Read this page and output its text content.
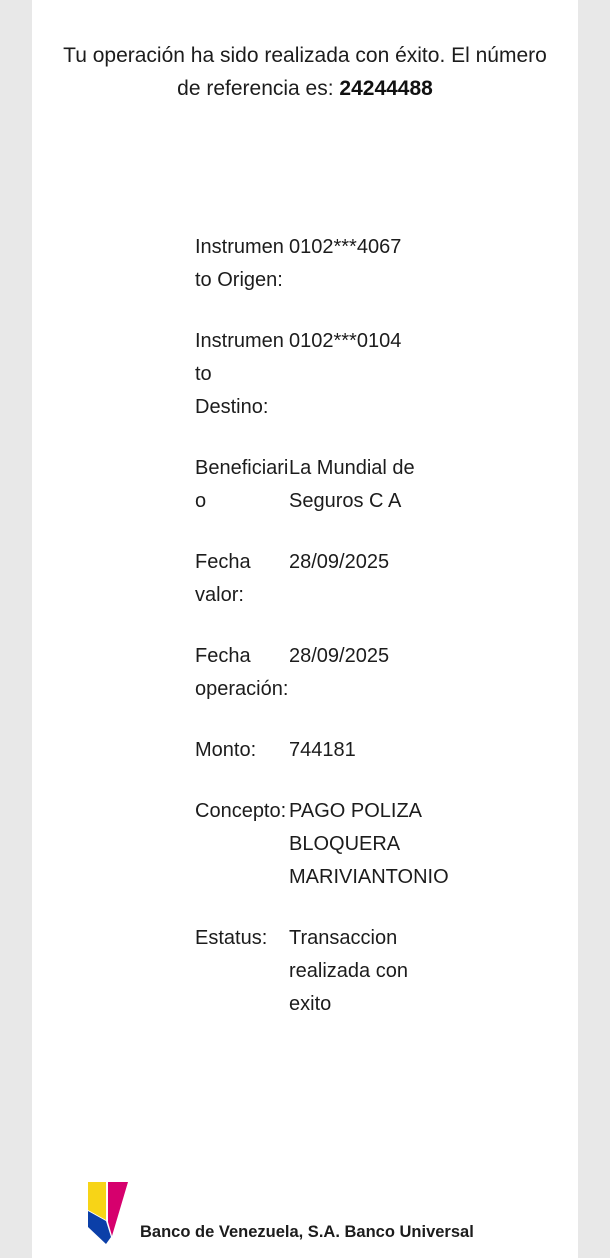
Tu operación ha sido realizada con éxito. El número de referencia es: 24244488

Instrumento Origen:
0102***4067
Instrumento Destino:
0102***0104
Beneficiario
La Mundial de Seguros C A
Fecha valor:
28/09/2025
Fecha operación:
28/09/2025
Monto:	744181
Concepto: PAGO POLIZA BLOQUERA MARIVIANTONIO
Estatus:	Transaccion realizada con exito
Banco de Venezuela, S.A. Banco Universal
